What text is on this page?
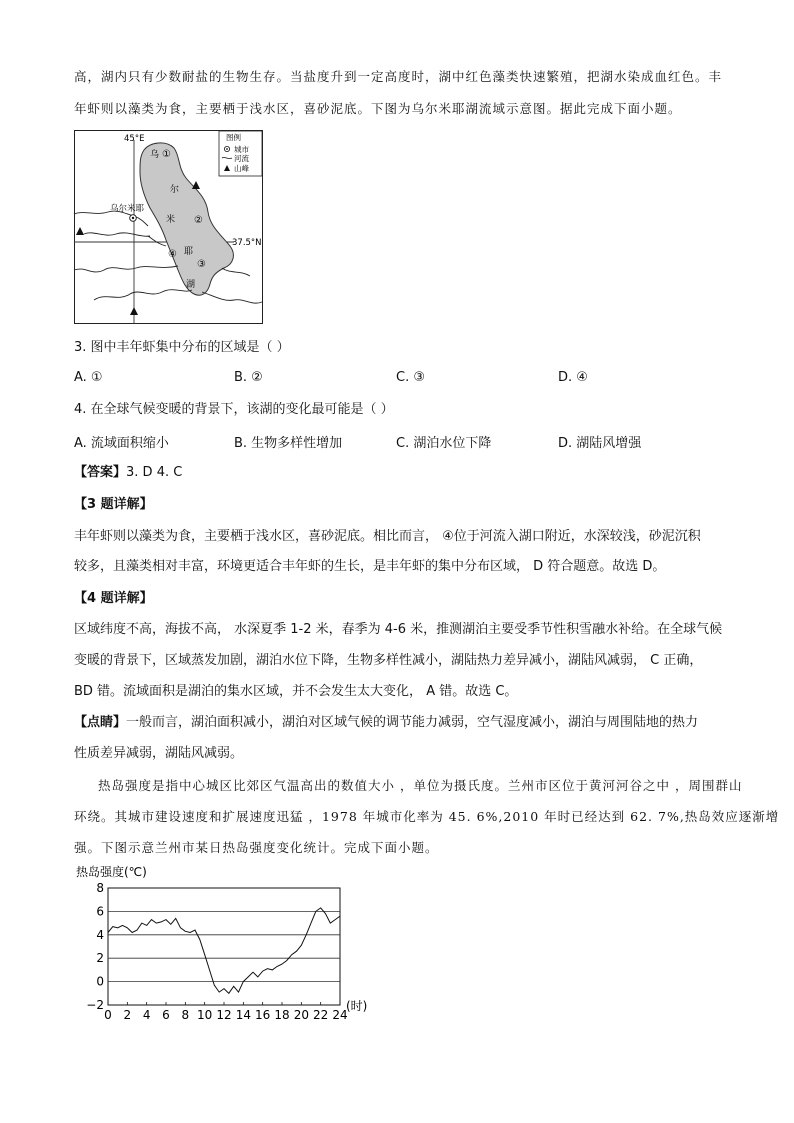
高，湖内只有少数耐盐的生物生存。当盐度升到一定高度时，湖中红色藻类快速繁殖，把湖水染成血红色。丰
年虾则以藻类为食，主要栖于浅水区，喜砂泥底。下图为乌尔米耶湖流域示意图。据此完成下面小题。
乌尔米耶
45°E
37.5°N
乌
尔
米
耶
湖
①
②
③
④
图例
城市
河流
山峰
3. 图中丰年虾集中分布的区域是（ ）
A. ①	B. ②	C. ③	D. ④
4. 在全球气候变暖的背景下，该湖的变化最可能是（ ）
A. 流域面积缩小	B. 生物多样性增加	C. 湖泊水位下降	D. 湖陆风增强
【答案】3. D 4. C
【3 题详解】
丰年虾则以藻类为食，主要栖于浅水区，喜砂泥底。相比而言， ④位于河流入湖口附近，水深较浅，砂泥沉积
较多，且藻类相对丰富，环境更适合丰年虾的生长，是丰年虾的集中分布区域， D 符合题意。故选 D。
【4 题详解】
区域纬度不高，海拔不高， 水深夏季 1-2 米，春季为 4-6 米，推测湖泊主要受季节性积雪融水补给。在全球气候
变暖的背景下，区域蒸发加剧，湖泊水位下降，生物多样性减小，湖陆热力差异减小，湖陆风减弱， C 正确，
BD 错。流域面积是湖泊的集水区域，并不会发生太大变化， A 错。故选 C。
【点睛】一般而言，湖泊面积减小，湖泊对区域气候的调节能力减弱，空气湿度减小，湖泊与周围陆地的热力
性质差异减弱，湖陆风减弱。
热岛强度是指中心城区比郊区气温高出的数值大小 ，单位为摄氏度。兰州市区位于黄河河谷之中 ，周围群山
环绕。其城市建设速度和扩展速度迅猛 ，1978 年城市化率为 45. 6%,2010 年时已经达到 62. 7%,热岛效应逐渐增
强。下图示意兰州市某日热岛强度变化统计。完成下面小题。
热岛强度(℃)
−2
0
2
4
6
8
0 2 4 6 8 10 12 14 16 18 20 22 24
(时)
